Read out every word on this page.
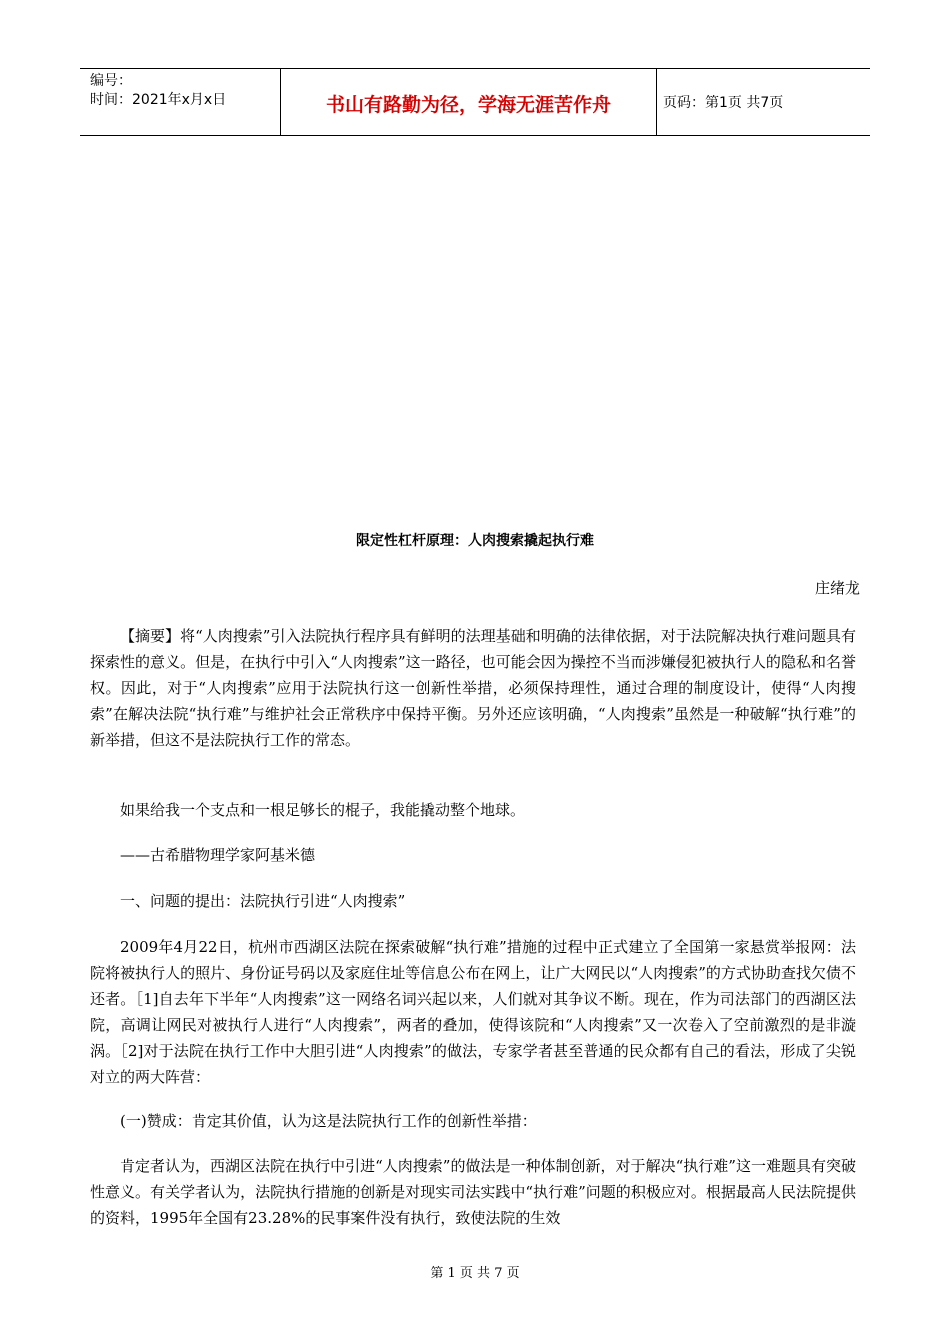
编号：
时间：2021年x月x日	书山有路勤为径，学海无涯苦作舟	页码：第1页 共7页
限定性杠杆原理：人肉搜索撬起执行难
庄绪龙

【摘要】将“人肉搜索”引入法院执行程序具有鲜明的法理基础和明确的法律依据，对于法院解决执行难问题具有探索性的意义。但是，在执行中引入“人肉搜索”这一路径，也可能会因为操控不当而涉嫌侵犯被执行人的隐私和名誉权。因此，对于“人肉搜索”应用于法院执行这一创新性举措，必须保持理性，通过合理的制度设计，使得“人肉搜索”在解决法院“执行难”与维护社会正常秩序中保持平衡。另外还应该明确，“人肉搜索”虽然是一种破解“执行难”的新举措，但这不是法院执行工作的常态。

如果给我一个支点和一根足够长的棍子，我能撬动整个地球。

——古希腊物理学家阿基米德

一、问题的提出：法院执行引进“人肉搜索”

2009年4月22日，杭州市西湖区法院在探索破解“执行难”措施的过程中正式建立了全国第一家悬赏举报网：法院将被执行人的照片、身份证号码以及家庭住址等信息公布在网上，让广大网民以“人肉搜索”的方式协助查找欠债不还者。［1]自去年下半年“人肉搜索”这一网络名词兴起以来，人们就对其争议不断。现在，作为司法部门的西湖区法院，高调让网民对被执行人进行“人肉搜索”，两者的叠加，使得该院和“人肉搜索”又一次卷入了空前激烈的是非漩涡。［2]对于法院在执行工作中大胆引进“人肉搜索”的做法，专家学者甚至普通的民众都有自己的看法，形成了尖锐对立的两大阵营：

(一)赞成：肯定其价值，认为这是法院执行工作的创新性举措：

肯定者认为，西湖区法院在执行中引进“人肉搜索”的做法是一种体制创新，对于解决“执行难”这一难题具有突破性意义。有关学者认为，法院执行措施的创新是对现实司法实践中“执行难”问题的积极应对。根据最高人民法院提供的资料，1995年全国有23.28%的民事案件没有执行，致使法院的生效

第 1 页 共 7 页
